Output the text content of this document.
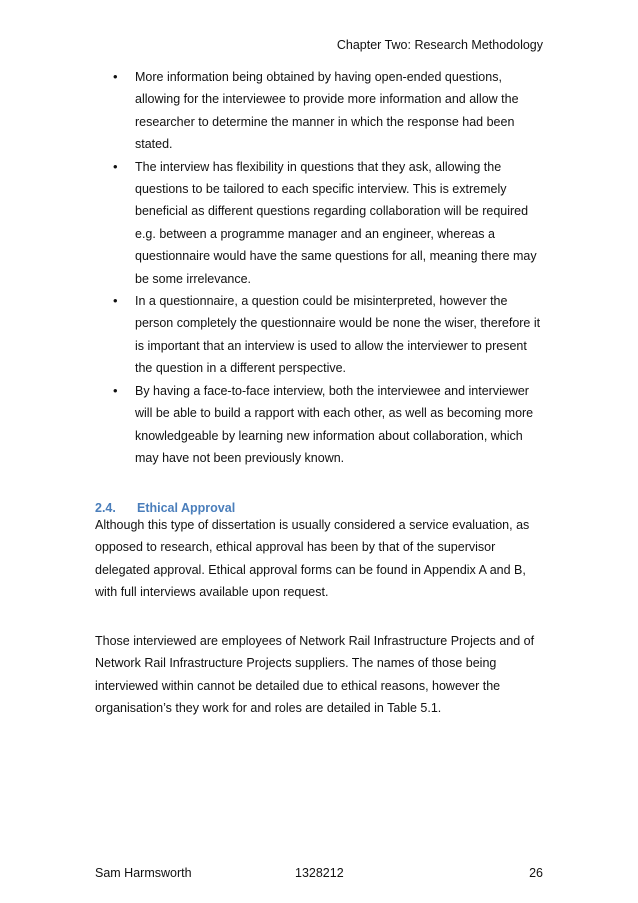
Chapter Two: Research Methodology
• More information being obtained by having open-ended questions, allowing for the interviewee to provide more information and allow the researcher to determine the manner in which the response had been stated.
• The interview has flexibility in questions that they ask, allowing the questions to be tailored to each specific interview. This is extremely beneficial as different questions regarding collaboration will be required e.g. between a programme manager and an engineer, whereas a questionnaire would have the same questions for all, meaning there may be some irrelevance.
• In a questionnaire, a question could be misinterpreted, however the person completely the questionnaire would be none the wiser, therefore it is important that an interview is used to allow the interviewer to present the question in a different perspective.
• By having a face-to-face interview, both the interviewee and interviewer will be able to build a rapport with each other, as well as becoming more knowledgeable by learning new information about collaboration, which may have not been previously known.
2.4. Ethical Approval

Although this type of dissertation is usually considered a service evaluation, as opposed to research, ethical approval has been by that of the supervisor delegated approval. Ethical approval forms can be found in Appendix A and B, with full interviews available upon request.

Those interviewed are employees of Network Rail Infrastructure Projects and of Network Rail Infrastructure Projects suppliers. The names of those being interviewed within cannot be detailed due to ethical reasons, however the organisation’s they work for and roles are detailed in Table 5.1.

Sam Harmsworth	1328212	26
